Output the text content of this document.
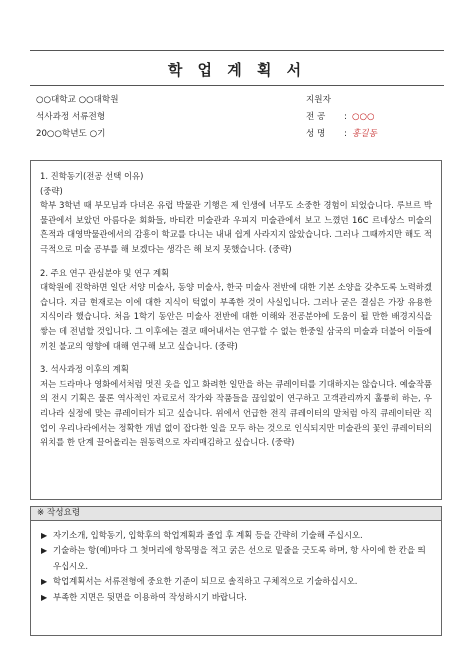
학 업 계 획 서
○○대학교 ○○대학원
석사과정 서류전형
20○○학년도 ○기
지원자
전 공 : ○○○
성 명 : 홍길동
1. 진학동기(전공 선택 이유)
(중략)
학부 3학년 때 부모님과 다녀온 유럽 박물관 기행은 제 인생에 너무도 소중한 경험이 되었습니다. 루브르 박물관에서 보았던 아름다운 회화들, 바티칸 미술관과 우피지 미술관에서 보고 느꼈던 16C 르네상스 미술의 흔적과 대영박물관에서의 감흥이 학교를 다니는 내내 쉽게 사라지지 않았습니다. 그러나 그때까지만 해도 적극적으로 미술 공부를 해 보겠다는 생각은 해 보지 못했습니다. (중략)
2. 주요 연구 관심분야 및 연구 계획
대학원에 진학하면 일단 서양 미술사, 동양 미술사, 한국 미술사 전반에 대한 기본 소양을 갖추도록 노력하겠습니다. 지금 현재로는 이에 대한 지식이 턱없이 부족한 것이 사실입니다. 그러나 굳은 결심은 가장 유용한 지식이라 했습니다. 처음 1학기 동안은 미술사 전반에 대한 이해와 전공분야에 도움이 될 만한 배경지식을 쌓는 데 전념할 것입니다. 그 이후에는 결코 떼어내서는 연구할 수 없는 한중일 삼국의 미술과 더불어 이들에 끼친 불교의 영향에 대해 연구해 보고 싶습니다. (중략)
3. 석사과정 이후의 계획
저는 드라마나 영화에서처럼 멋진 옷을 입고 화려한 일만을 하는 큐레이터를 기대하지는 않습니다. 예술작품의 전시 기획은 물론 역사적인 자료로서 작가와 작품들을 끊임없이 연구하고 고객관리까지 훌륭히 하는, 우리나라 실정에 맞는 큐레이터가 되고 싶습니다. 위에서 언급한 전직 큐레이터의 말처럼 아직 큐레이터란 직업이 우리나라에서는 정확한 개념 없이 잡다한 일을 모두 하는 것으로 인식되지만 미술관의 꽃인 큐레이터의 위치를 한 단계 끌어올리는 원동력으로 자리매김하고 싶습니다. (중략)
※ 작성요령
▶ 자기소개, 입학동기, 입학후의 학업계획과 졸업 후 계획 등을 간략히 기술해 주십시오.
▶ 기술하는 항(예)마다 그 첫머리에 항목명을 적고 굵은 선으로 밑줄을 긋도록 하며, 항 사이에 한 칸을 띄우십시오.
▶ 학업계획서는 서류전형에 중요한 기준이 되므로 솔직하고 구체적으로 기술하십시오.
▶ 부족한 지면은 뒷면을 이용하여 작성하시기 바랍니다.
